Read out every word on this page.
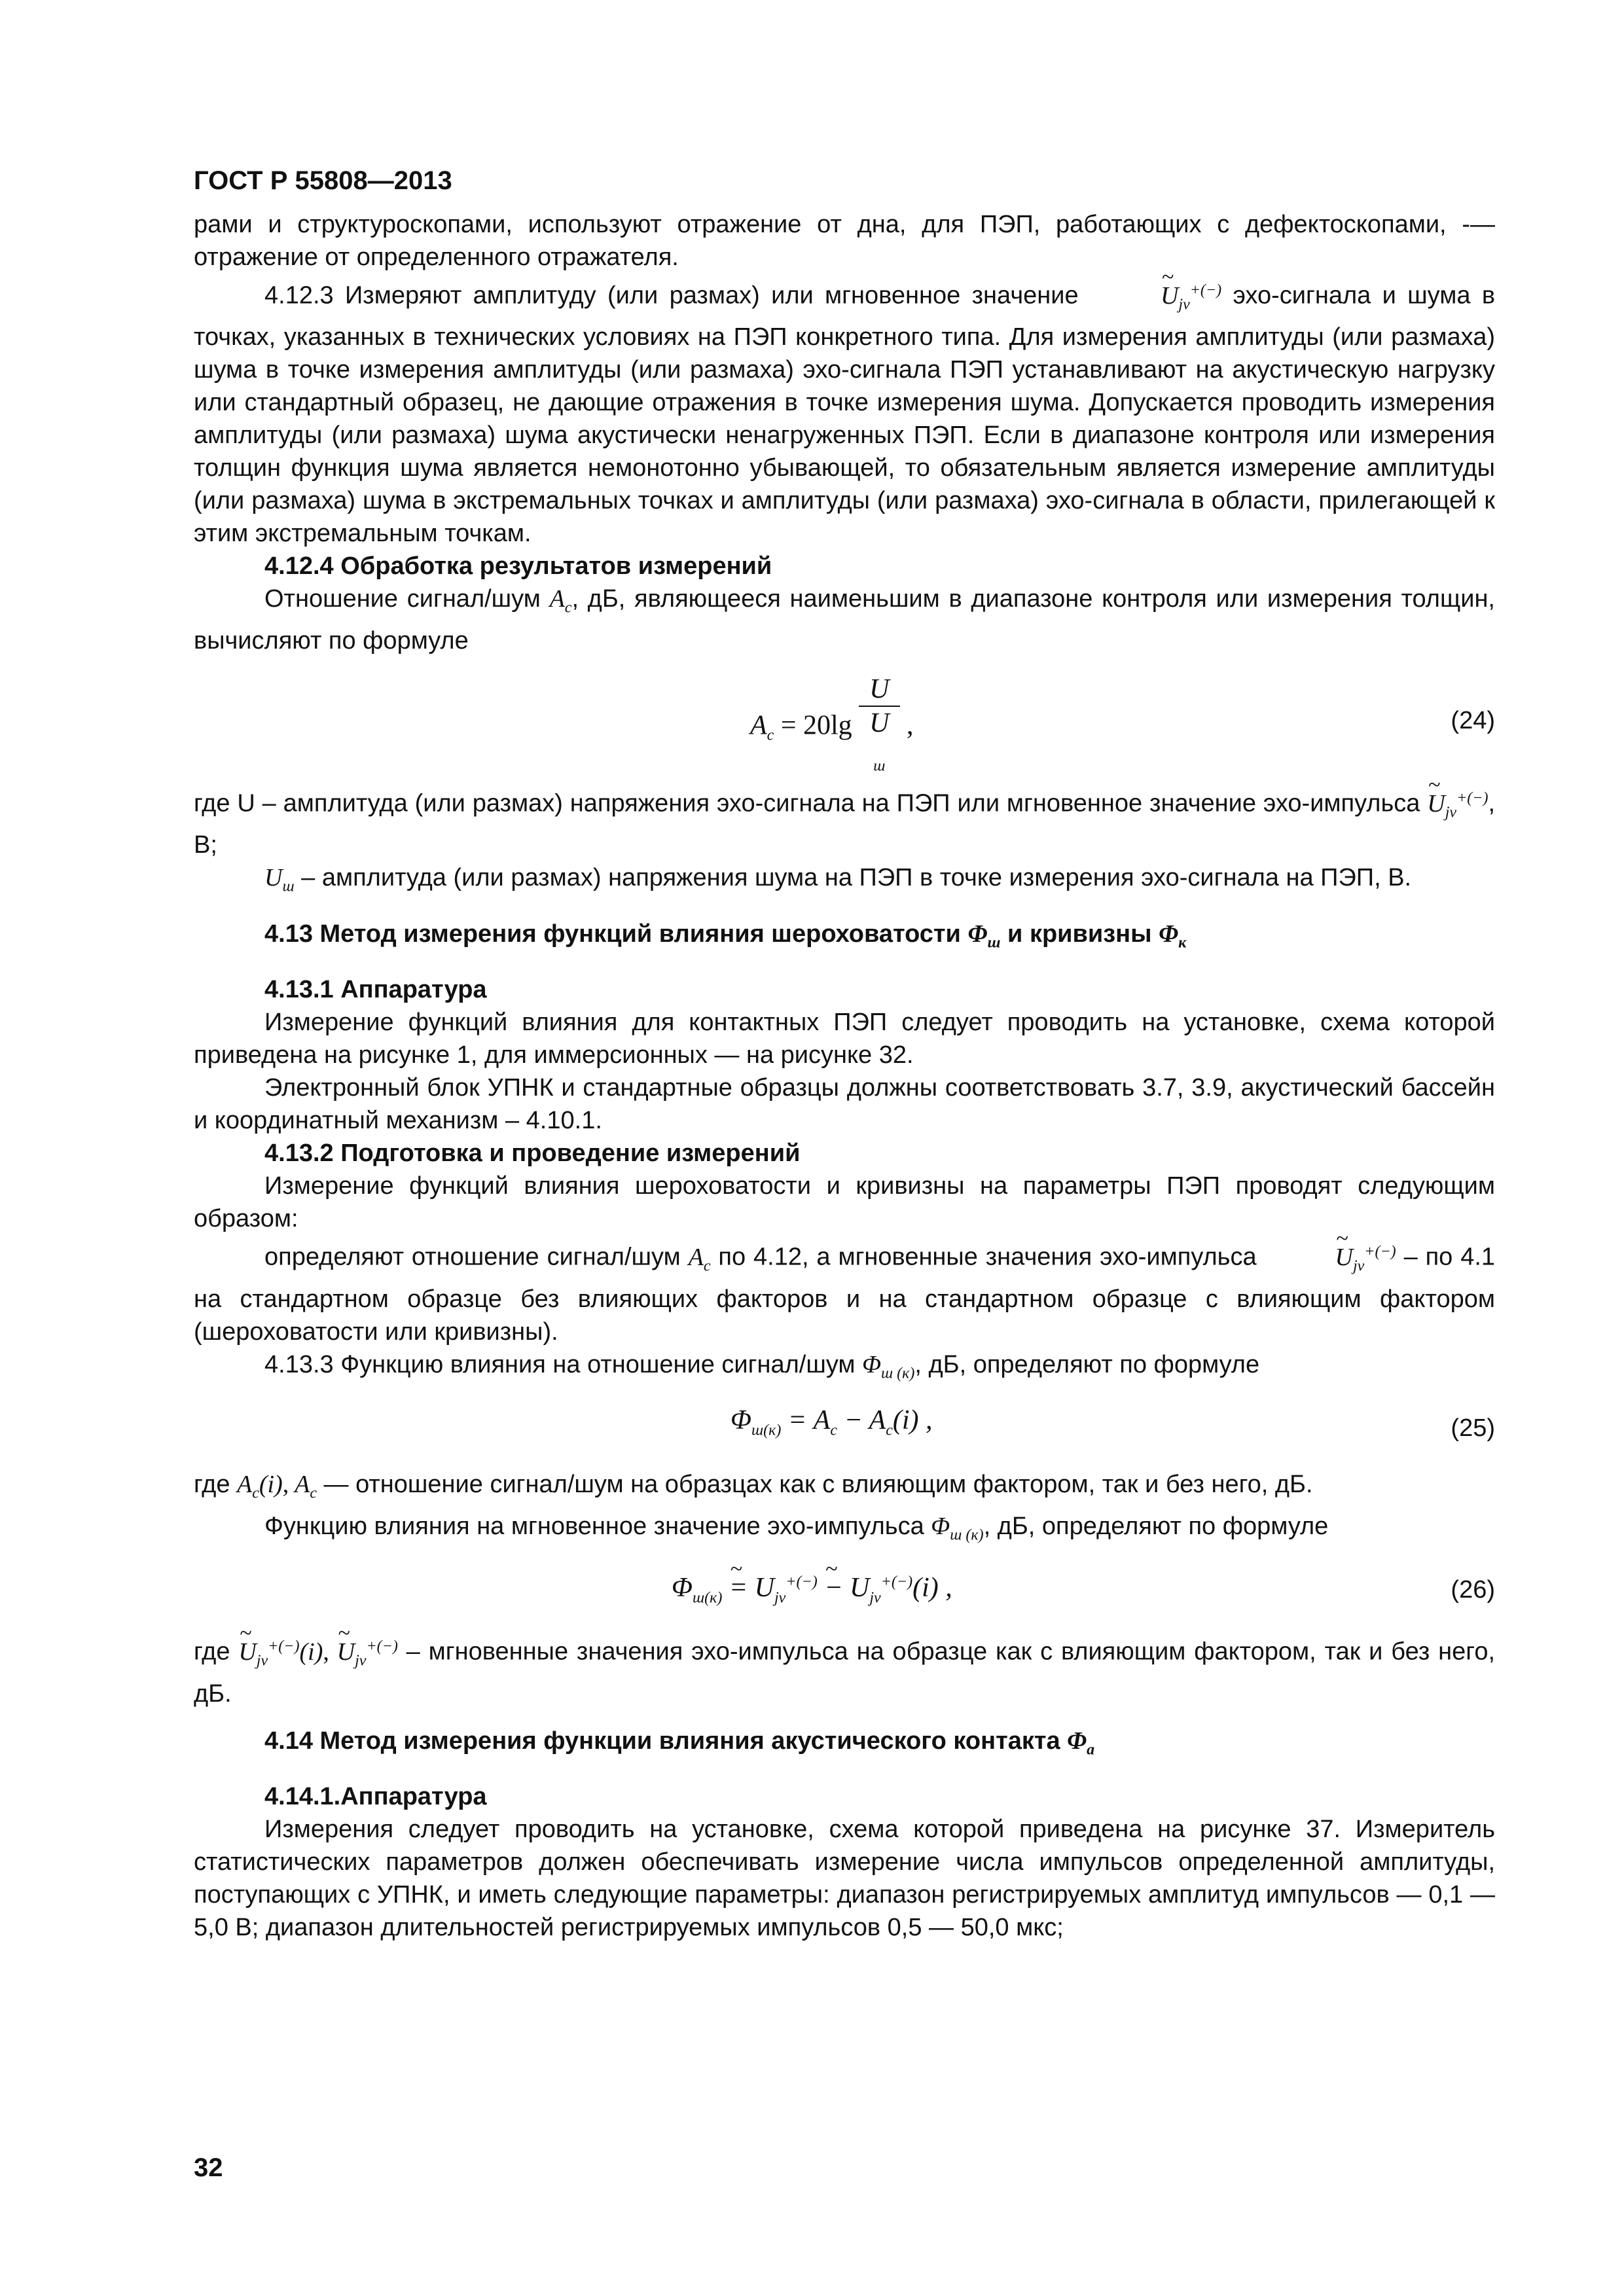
ГОСТ Р 55808—2013

рами и структуроскопами, используют отражение от дна, для ПЭП, работающих с дефектоскопами, -— отражение от определенного отражателя.

4.12.3 Измеряют амплитуду (или размах) или мгновенное значение	~ $U_{jv}^{+(-)}$ эхо-сигнала и шума в точках, указанных в технических условиях на ПЭП конкретного типа. Для измерения амплитуды (или размаха) шума в точке измерения амплитуды (или размаха) эхо-сигнала ПЭП устанавливают на акустическую нагрузку или стандартный образец, не дающие отражения в точке измерения шума. Допускается проводить измерения амплитуды (или размаха) шума акустически ненагруженных ПЭП. Если в диапазоне контроля или измерения толщин функция шума является немонотонно убывающей, то обязательным является измерение амплитуды (или размаха) шума в экстремальных точках и амплитуды (или размаха) эхо-сигнала в области, прилегающей к этим экстремальным точкам.

4.12.4 Обработка результатов измерений

Отношение сигнал/шум $A_c$, дБ, являющееся наименьшим в диапазоне контроля или измерения толщин, вычисляют по формуле

$A_c = 20\lg$ U
U
$_ш$ ,	(24)

где U – амплитуда (или размах) напряжения эхо-сигнала на ПЭП или мгновенное значение эхо-импульса ~ $U_{jv}^{+(-)}$, В;

$U_ш$ – амплитуда (или размах) напряжения шума на ПЭП в точке измерения эхо-сигнала на ПЭП, В.

4.13 Метод измерения функций влияния шероховатости $\Phi_ш$ и кривизны $\Phi_к$

4.13.1 Аппаратура

Измерение функций влияния для контактных ПЭП следует проводить на установке, схема которой приведена на рисунке 1, для иммерсионных — на рисунке 32.

Электронный блок УПНК и стандартные образцы должны соответствовать 3.7, 3.9, акустический бассейн и координатный механизм – 4.10.1.

4.13.2 Подготовка и проведение измерений

Измерение функций влияния шероховатости и кривизны на параметры ПЭП проводят следующим образом:

определяют отношение сигнал/шум $A_c$ по 4.12, а мгновенные значения эхо-импульса	~ $U_{jv}^{+(-)}$ – по 4.1 на стандартном образце без влияющих факторов и на стандартном образце с влияющим фактором (шероховатости или кривизны).

4.13.3 Функцию влияния на отношение сигнал/шум $\Phi_{ш (к)}$, дБ, определяют по формуле

$\Phi_{ш(к)} = A_c - A_c(i)$ ,	(25)

где $A_c(i)$, $A_c$ — отношение сигнал/шум на образцах как с влияющим фактором, так и без него, дБ.

Функцию влияния на мгновенное значение эхо-импульса $\Phi_{ш (к)}$, дБ, определяют по формуле

$\Phi_{ш(к)}$ ~ = $U_{jv}^{+(-)}$ ~ − $U_{jv}^{+(-)}(i)$ ,	(26)

где ~ $U_{jv}^{+(-)}(i)$, ~ $U_{jv}^{+(-)}$ – мгновенные значения эхо-импульса на образце как с влияющим фактором, так и без него, дБ.

4.14 Метод измерения функции влияния акустического контакта $\Phi_а$

4.14.1.Аппаратура

Измерения следует проводить на установке, схема которой приведена на рисунке 37. Измеритель статистических параметров должен обеспечивать измерение числа импульсов определенной амплитуды, поступающих с УПНК, и иметь следующие параметры: диапазон регистрируемых амплитуд импульсов — 0,1 — 5,0 В; диапазон длительностей регистрируемых импульсов 0,5 — 50,0 мкс;

32
